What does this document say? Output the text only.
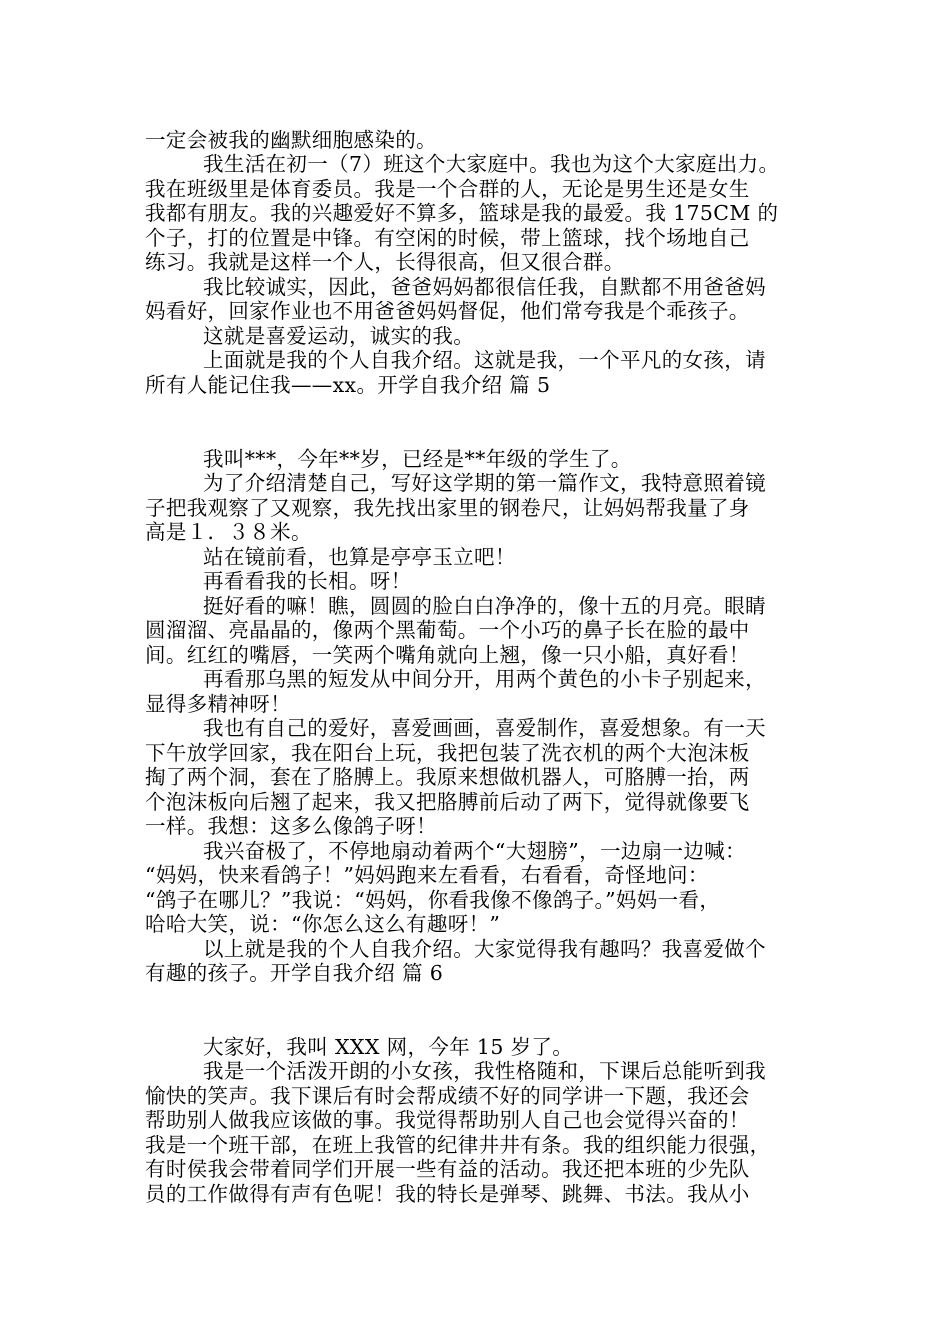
一定会被我的幽默细胞感染的。
我生活在初一（7）班这个大家庭中。我也为这个大家庭出力。
我在班级里是体育委员。我是一个合群的人，无论是男生还是女生
我都有朋友。我的兴趣爱好不算多，篮球是我的最爱。我 175CM 的
个子，打的位置是中锋。有空闲的时候，带上篮球，找个场地自己
练习。我就是这样一个人，长得很高，但又很合群。
我比较诚实，因此，爸爸妈妈都很信任我，自默都不用爸爸妈
妈看好，回家作业也不用爸爸妈妈督促，他们常夸我是个乖孩子。
这就是喜爱运动，诚实的我。
上面就是我的个人自我介绍。这就是我，一个平凡的女孩，请
所有人能记住我——xx。开学自我介绍 篇 5
我叫***，今年**岁，已经是**年级的学生了。
为了介绍清楚自己，写好这学期的第一篇作文，我特意照着镜
子把我观察了又观察，我先找出家里的钢卷尺，让妈妈帮我量了身
高是１．３８米。
站在镜前看，也算是亭亭玉立吧！
再看看我的长相。呀！
挺好看的嘛！瞧，圆圆的脸白白净净的，像十五的月亮。眼睛
圆溜溜、亮晶晶的，像两个黑葡萄。一个小巧的鼻子长在脸的最中
间。红红的嘴唇，一笑两个嘴角就向上翘，像一只小船，真好看！
再看那乌黑的短发从中间分开，用两个黄色的小卡子别起来，
显得多精神呀！
我也有自己的爱好，喜爱画画，喜爱制作，喜爱想象。有一天
下午放学回家，我在阳台上玩，我把包装了洗衣机的两个大泡沫板
掏了两个洞，套在了胳膊上。我原来想做机器人，可胳膊一抬，两
个泡沫板向后翘了起来，我又把胳膊前后动了两下，觉得就像要飞
一样。我想：这多么像鸽子呀！
我兴奋极了，不停地扇动着两个“大翅膀”，一边扇一边喊：
“妈妈，快来看鸽子！”妈妈跑来左看看，右看看，奇怪地问：
“鸽子在哪儿？”我说：“妈妈，你看我像不像鸽子。”妈妈一看，
哈哈大笑，说：“你怎么这么有趣呀！”
以上就是我的个人自我介绍。大家觉得我有趣吗？我喜爱做个
有趣的孩子。开学自我介绍 篇 6
大家好，我叫 XXX 网，今年 15 岁了。
我是一个活泼开朗的小女孩，我性格随和，下课后总能听到我
愉快的笑声。我下课后有时会帮成绩不好的同学讲一下题，我还会
帮助别人做我应该做的事。我觉得帮助别人自己也会觉得兴奋的！
我是一个班干部，在班上我管的纪律井井有条。我的组织能力很强，
有时侯我会带着同学们开展一些有益的活动。我还把本班的少先队
员的工作做得有声有色呢！我的特长是弹琴、跳舞、书法。我从小
